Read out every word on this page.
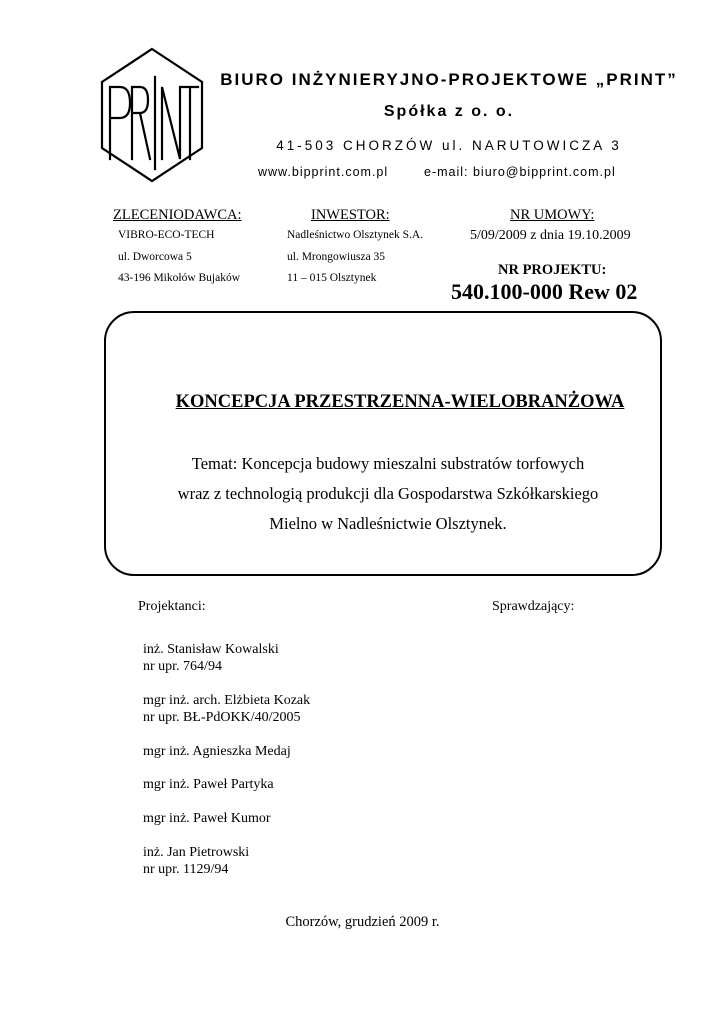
BIURO INŻYNIERYJNO-PROJEKTOWE „PRINT”
Spółka z o. o.
41-503 CHORZÓW ul. NARUTOWICZA 3
www.bipprint.com.pl	e-mail: biuro@bipprint.com.pl
ZLECENIODAWCA:
VIBRO-ECO-TECH
ul. Dworcowa 5
43-196 Mikołów Bujaków
INWESTOR:
Nadleśnictwo Olsztynek S.A.
ul. Mrongowiusza 35
11 – 015 Olsztynek
NR UMOWY:
5/09/2009 z dnia 19.10.2009
NR PROJEKTU:
540.100-000 Rew 02
KONCEPCJA PRZESTRZENNA-WIELOBRANŻOWA
Temat: Koncepcja budowy mieszalni substratów torfowych
wraz z technologią produkcji dla Gospodarstwa Szkółkarskiego
Mielno w Nadleśnictwie Olsztynek.
Projektanci:	Sprawdzający:
inż. Stanisław Kowalski
nr upr. 764/94
mgr inż. arch. Elżbieta Kozak
nr upr. BŁ-PdOKK/40/2005
mgr inż. Agnieszka Medaj
mgr inż. Paweł Partyka
mgr inż. Paweł Kumor
inż. Jan Pietrowski
nr upr. 1129/94
Chorzów, grudzień 2009 r.
